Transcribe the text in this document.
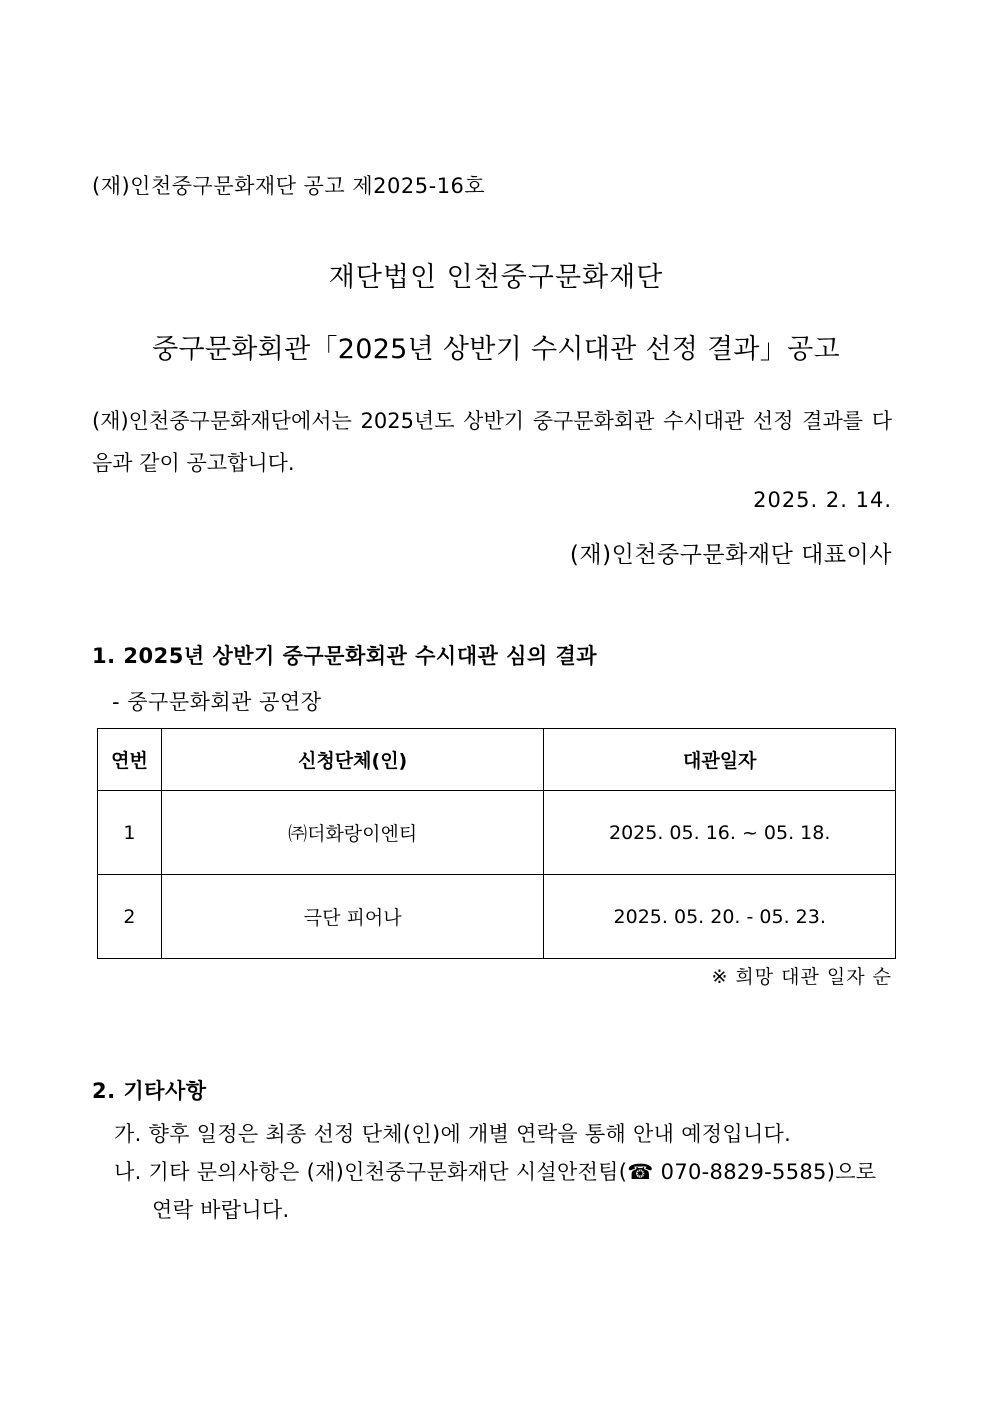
(재)인천중구문화재단 공고 제2025-16호
재단법인 인천중구문화재단
중구문화회관「2025년 상반기 수시대관 선정 결과」공고
(재)인천중구문화재단에서는 2025년도 상반기 중구문화회관 수시대관 선정 결과를 다음과 같이 공고합니다.
2025. 2. 14.
(재)인천중구문화재단 대표이사
1. 2025년 상반기 중구문화회관 수시대관 심의 결과
- 중구문화회관 공연장
연번	신청단체(인)	대관일자
1	㈜더화랑이엔티	2025. 05. 16. ~ 05. 18.
2	극단 피어나	2025. 05. 20. - 05. 23.
※ 희망 대관 일자 순
2. 기타사항
가. 향후 일정은 최종 선정 단체(인)에 개별 연락을 통해 안내 예정입니다.
나. 기타 문의사항은 (재)인천중구문화재단 시설안전팀(☎ 070-8829-5585)으로
연락 바랍니다.
